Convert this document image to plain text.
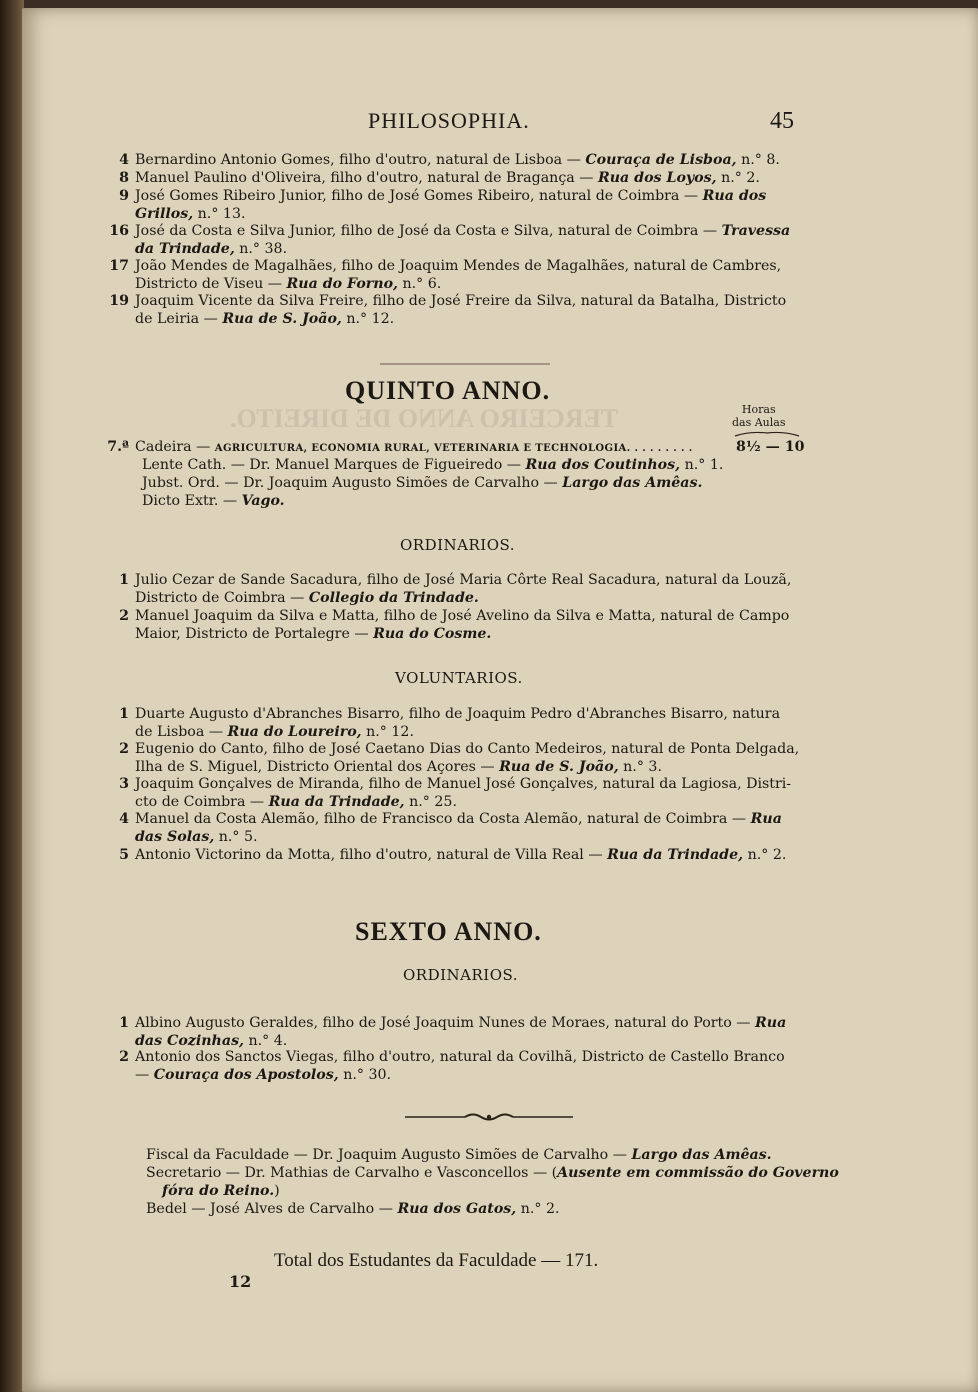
TERCEIRO ANNO DE DIREITO.
PHILOSOPHIA.	45
4 Bernardino Antonio Gomes, filho d'outro, natural de Lisboa — Couraça de Lisboa, n.° 8.
8 Manuel Paulino d'Oliveira, filho d'outro, natural de Bragança — Rua dos Loyos, n.° 2.
9 José Gomes Ribeiro Junior, filho de José Gomes Ribeiro, natural de Coimbra — Rua dos
Grillos, n.° 13.
16 José da Costa e Silva Junior, filho de José da Costa e Silva, natural de Coimbra — Travessa
da Trindade, n.° 38.
17 João Mendes de Magalhães, filho de Joaquim Mendes de Magalhães, natural de Cambres,
Districto de Viseu — Rua do Forno, n.° 6.
19 Joaquim Vicente da Silva Freire, filho de José Freire da Silva, natural da Batalha, Districto
de Leiria — Rua de S. João, n.° 12.
QUINTO ANNO.
Horas
das Aulas
7.ª Cadeira — AGRICULTURA, ECONOMIA RURAL, VETERINARIA E TECHNOLOGIA. . . . . . . . .	8½ — 10
Lente Cath. — Dr. Manuel Marques de Figueiredo — Rua dos Coutinhos, n.° 1.
Jubst. Ord. — Dr. Joaquim Augusto Simões de Carvalho — Largo das Amêas.
Dicto Extr. — Vago.
ORDINARIOS.
1 Julio Cezar de Sande Sacadura, filho de José Maria Côrte Real Sacadura, natural da Louzã,
Districto de Coimbra — Collegio da Trindade.
2 Manuel Joaquim da Silva e Matta, filho de José Avelino da Silva e Matta, natural de Campo
Maior, Districto de Portalegre — Rua do Cosme.
VOLUNTARIOS.
1 Duarte Augusto d'Abranches Bisarro, filho de Joaquim Pedro d'Abranches Bisarro, natura
de Lisboa — Rua do Loureiro, n.° 12.
2 Eugenio do Canto, filho de José Caetano Dias do Canto Medeiros, natural de Ponta Delgada,
Ilha de S. Miguel, Districto Oriental dos Açores — Rua de S. João, n.° 3.
3 Joaquim Gonçalves de Miranda, filho de Manuel José Gonçalves, natural da Lagiosa, Distri-
cto de Coimbra — Rua da Trindade, n.° 25.
4 Manuel da Costa Alemão, filho de Francisco da Costa Alemão, natural de Coimbra — Rua
das Solas, n.° 5.
5 Antonio Victorino da Motta, filho d'outro, natural de Villa Real — Rua da Trindade, n.° 2.
SEXTO ANNO.
ORDINARIOS.
1 Albino Augusto Geraldes, filho de José Joaquim Nunes de Moraes, natural do Porto — Rua
das Cozinhas, n.° 4.
2 Antonio dos Sanctos Viegas, filho d'outro, natural da Covilhã, Districto de Castello Branco
— Couraça dos Apostolos, n.° 30.
Fiscal da Faculdade — Dr. Joaquim Augusto Simões de Carvalho — Largo das Amêas.
Secretario — Dr. Mathias de Carvalho e Vasconcellos — (Ausente em commissão do Governo
fóra do Reino.)
Bedel — José Alves de Carvalho — Rua dos Gatos, n.° 2.
Total dos Estudantes da Faculdade — 171.
12
